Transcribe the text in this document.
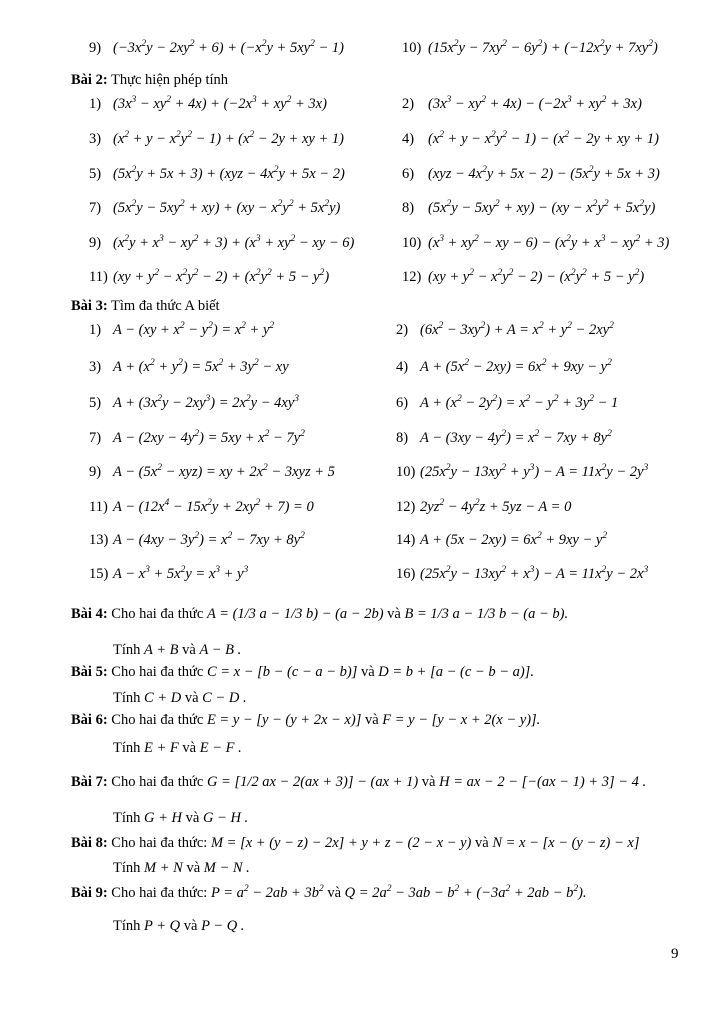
9) $(-3x^2y - 2xy^2 + 6) + (-x^2y + 5xy^2 - 1)$	10) $(15x^2y - 7xy^2 - 6y^2) + (-12x^2y + 7xy^2)$
Bài 2: Thực hiện phép tính
1) $(3x^3 - xy^2 + 4x) + (-2x^3 + xy^2 + 3x)$	2) $(3x^3 - xy^2 + 4x) - (-2x^3 + xy^2 + 3x)$
3) $(x^2 + y - x^2y^2 - 1) + (x^2 - 2y$ + xy + 1)	4) $(x^2 + y - x^2y^2 - 1) - (x^2 - 2y$ + xy + 1)
5) $(5x^2y + 5x + 3) + (xyz - 4x^2y + 5x - 2)$	6) $(xyz - 4x^2y + 5x - 2) - (5x^2y + 5x + 3)$
7) $(5x^2y - 5xy^2 + xy) + (xy - x^2y^2 + 5x^2y)$	8) $(5x^2y - 5xy^2 + xy) - (xy - x^2y^2 + 5x^2y)$
9) $(x^2y + x^3 - xy^2 + 3) + (x^3 + xy^2$ − xy − 6)	10) ($x^3 + xy^2$ − xy − $6) - (x^2y + x^3 - xy^2 + 3)$
11) $(xy + y^2 - x^2y^2 - 2) + (x^2y^2 + 5 - y^2)$	12) $(xy + y^2 - x^2y^2 - 2) - (x^2y^2 + 5 - y^2)$
Bài 3: Tìm đa thức A biết
1) $A - (xy + x^2 - y^2) = x^2 + y^2$	2) $(6x^2 - 3xy^2) + A = x^2 + y^2 - 2xy^2$
3) $A + (x^2 + y^2) = 5x^2 + 3y^2$ − xy	4) $A + (5x^2 - 2xy) = 6x^2 + 9xy - y^2$
5) $A + (3x^2y - 2xy^3) = 2x^2y - 4xy^3$	6) $A + (x^2 - 2y^2) = x^2 - y^2 + 3y^2 - 1$
7) $A - (2xy - 4y^2) = 5xy + x^2 - 7y^2$	8) $A - (3xy - 4y^2) = x^2 - 7xy + 8y^2$
9) $A - (5x^2 - xyz)$ = xy + $2x^2 - 3xyz + 5$	10) $(25x^2y - 13xy^2 + y^3) - A = 11x^2y - 2y^3$
11) $A - (12x^4 - 15x^2y + 2xy^2 + 7) = 0$	12) $2yz^2 - 4y^2z + 5yz - A = 0$
13) $A - (4xy - 3y^2) = x^2 - 7xy + 8y^2$	14) $A + (5x - 2xy) = 6x^2 + 9xy - y^2$
15) $A - x^3 + 5x^2y = x^3 + y^3$	16) $(25x^2y - 13xy^2 + x^3) - A = 11x^2y - 2x^3$
Bài 4: Cho hai đa thức A = (1/3 a − 1/3 b) − (a − 2b) và B = 1/3 a − 1/3 b − (a − b).
Tính A + B và A − B .
Bài 5: Cho hai đa thức C = x − [b − (c − a − b)] và D = b + [a − (c − b − a)].
Tính C + D và C − D .
Bài 6: Cho hai đa thức E = y − [y − (y + 2x − x)] và F = y − [y − x + 2(x − y)].
Tính E + F và E − F .
Bài 7: Cho hai đa thức G = [1/2 ax − 2(ax + 3)] − (ax + 1) và H = ax − 2 − [−(ax − 1) + 3] − 4 .
Tính G + H và G − H .
Bài 8: Cho hai đa thức: M = [x + (y − z) − 2x] + y + z − (2 − x − y) và N = x − [x − (y − z) − x]
Tính M + N và M − N .
Bài 9: Cho hai đa thức: $P = a^2 - 2ab + 3b^2$ và $Q = 2a^2 - 3ab - b^2 + (-3a^2 + 2ab - b^2)$.
Tính P + Q và P − Q .
9
